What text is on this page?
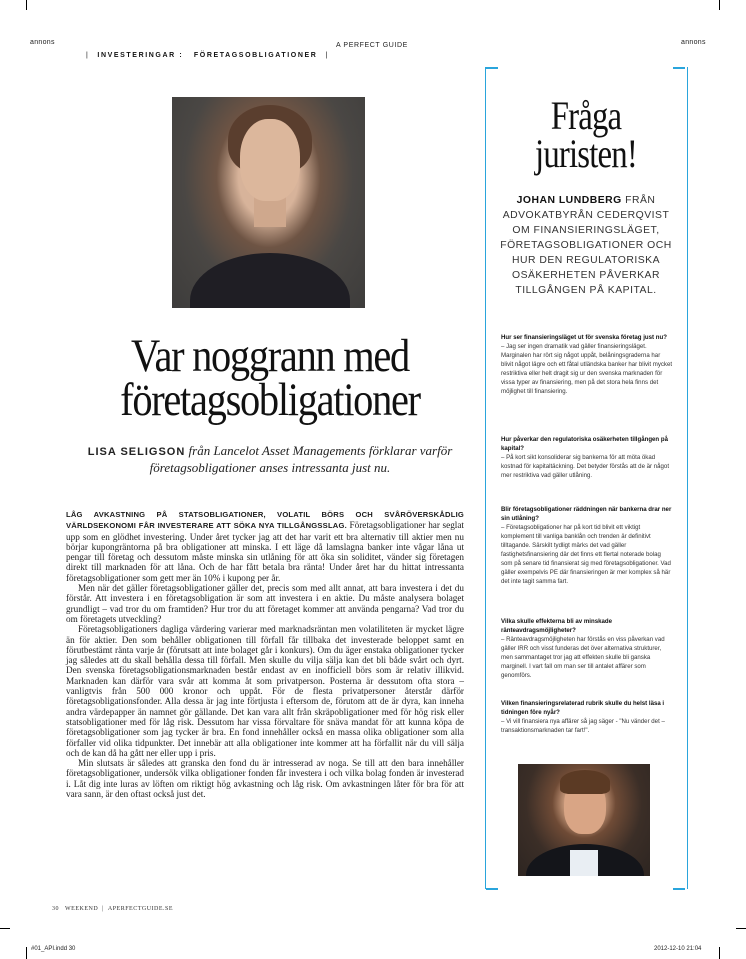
annons	annons
A PERFECT GUIDE
| INVESTERINGAR : FÖRETAGSOBLIGATIONER |
Var noggrann med
företagsobligationer
LISA SELIGSON från Lancelot Asset Managements förklarar varför företagsobligationer anses intressanta just nu.

LÅG AVKASTNING PÅ STATSOBLIGATIONER, VOLATIL BÖRS OCH SVÅRÖVERSKÅDLIG VÄRLDSEKONOMI FÅR INVESTERARE ATT SÖKA NYA TILLGÅNGSSLAG. Företagsobligationer har seglat upp som en glödhet investering. Under året tycker jag att det har varit ett bra alternativ till aktier men nu börjar kupongräntorna på bra obligationer att minska. I ett läge då lamslagna banker inte vågar låna ut pengar till företag och dessutom måste minska sin utlåning för att öka sin soliditet, vänder sig företagen direkt till marknaden för att låna. Och de har fått betala bra ränta! Under året har du hittat intressanta företagsobligationer som gett mer än 10% i kupong per år.

Men när det gäller företagsobligationer gäller det, precis som med allt annat, att bara investera i det du förstår. Att investera i en företagsobligation är som att investera i en aktie. Du måste analysera bolaget grundligt – vad tror du om framtiden? Hur tror du att företaget kommer att använda pengarna? Vad tror du om företagets utveckling?

Företagsobligationers dagliga värdering varierar med marknadsräntan men volatiliteten är mycket lägre än för aktier. Den som behåller obligationen till förfall får tillbaka det investerade beloppet samt en förutbestämt ränta varje år (förutsatt att inte bolaget går i konkurs). Om du äger enstaka obligationer tycker jag således att du skall behålla dessa till förfall. Men skulle du vilja sälja kan det bli både svårt och dyrt. Den svenska företagsobligationsmarknaden består endast av en inofficiell börs som är relativ illikvid. Marknaden kan därför vara svår att komma åt som privatperson. Posterna är dessutom ofta stora – vanligtvis från 500 000 kronor och uppåt. För de flesta privatpersoner återstår därför företagsobligationsfonder. Alla dessa är jag inte förtjusta i eftersom de, förutom att de är dyra, kan inneha andra värdepapper än namnet gör gällande. Det kan vara allt från skräpobligationer med för hög risk eller statsobligationer med för låg risk. Dessutom har vissa förvaltare för snäva mandat för att kunna köpa de företagsobligationer som jag tycker är bra. En fond innehåller också en massa olika obligationer som alla förfaller vid olika tidpunkter. Det innebär att alla obligationer inte kommer att ha förfallit när du vill sälja och de kan då ha gått ner eller upp i pris.

Min slutsats är således att granska den fond du är intresserad av noga. Se till att den bara innehåller företagsobligationer, undersök vilka obligationer fonden får investera i och vilka bolag fonden är investerad i. Låt dig inte luras av löften om riktigt hög avkastning och låg risk. Om avkastningen låter för bra för att vara sann, är den oftast också just det.

30 WEEKEND | APERFECTGUIDE.SE
Fråga
juristen!
JOHAN LUNDBERG FRÅN ADVOKATBYRÅN CEDERQVIST OM FINANSIERINGSLÄGET, FÖRETAGSOBLIGATIONER OCH HUR DEN REGULATORISKA OSÄKERHETEN PÅVERKAR TILLGÅNGEN PÅ KAPITAL.
Hur ser finansieringsläget ut för svenska företag just nu?
– Jag ser ingen dramatik vad gäller finansieringsläget. Marginalen har rört sig något uppåt, belåningsgraderna har blivit något lägre och ett fåtal utländska banker har blivit mycket restriktiva eller helt dragit sig ur den svenska marknaden för vissa typer av finansiering, men på det stora hela finns det möjlighet till finansiering.
Hur påverkar den regulatoriska osäkerheten tillgången på kapital?
– På kort sikt konsoliderar sig bankerna för att möta ökad kostnad för kapitaltäckning. Det betyder förstås att de är något mer restriktiva vad gäller utlåning.
Blir företagsobligationer räddningen när bankerna drar ner sin utlåning?
– Företagsobligationer har på kort tid blivit ett viktigt komplement till vanliga banklån och trenden är definitivt tilltagande. Särskilt tydligt märks det vad gäller fastighetsfinansiering där det finns ett flertal noterade bolag som på senare tid finansierat sig med företagsobligationer. Vad gäller exempelvis PE där finansieringen är mer komplex så här det inte tagit samma fart.
Vilka skulle effekterna bli av minskade ränteavdragsmöjligheter?
– Ränteavdragsmöjligheten har förstås en viss påverkan vad gäller IRR och visst funderas det över alternativa strukturer, men sammantaget tror jag att effekten skulle bli ganska marginell. I vart fall om man ser till antalet affärer som genomförs.
Vilken finansieringsrelaterad rubrik skulle du helst läsa i tidningen före nyår?
– Vi vill finansiera nya affärer så jag säger - "Nu vänder det – transaktionsmarknaden tar fart!".
#01_API.indd 30	2012-12-10 21:04
